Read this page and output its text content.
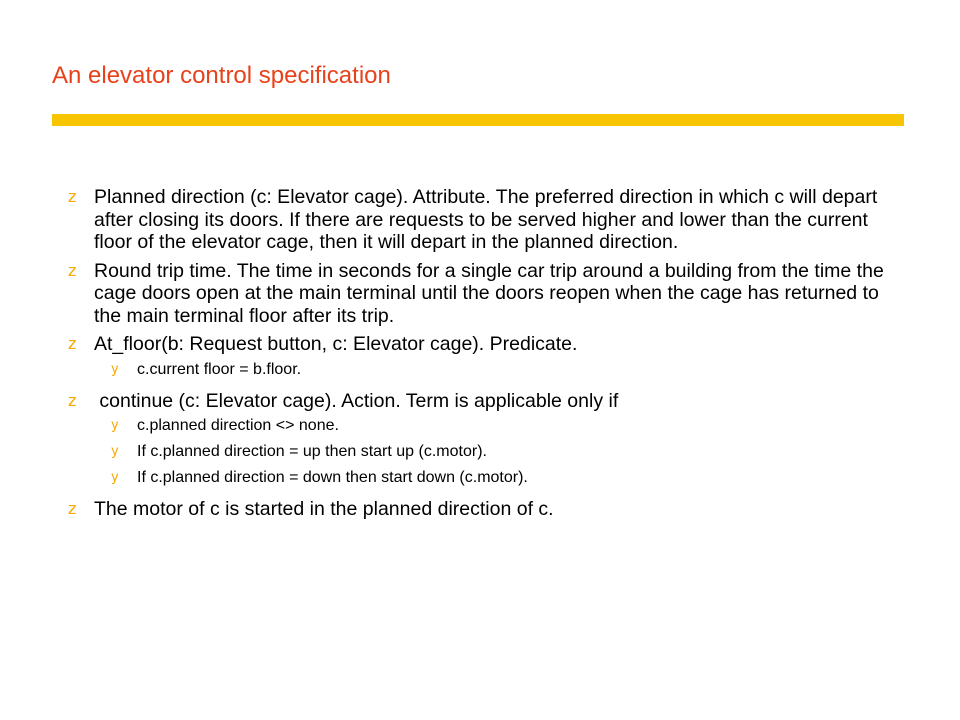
An elevator control specification
z Planned direction (c: Elevator cage). Attribute. The preferred direction in which c will depart after closing its doors. If there are requests to be served higher and lower than the current floor of the elevator cage, then it will depart in the planned direction.
z Round trip time. The time in seconds for a single car trip around a building from the time the cage doors open at the main terminal until the doors reopen when the cage has returned to the main terminal floor after its trip.
z At_floor(b: Request button, c: Elevator cage). Predicate.
y c.current floor = b.floor.
z continue (c: Elevator cage). Action. Term is applicable only if
y c.planned direction <> none.
y If c.planned direction = up then start up (c.motor).
y If c.planned direction = down then start down (c.motor).
z The motor of c is started in the planned direction of c.
